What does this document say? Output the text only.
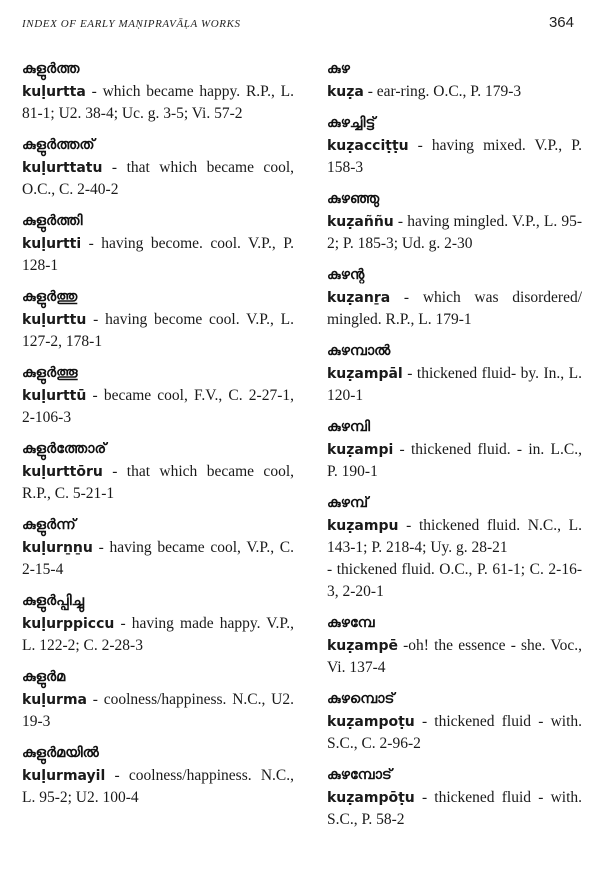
INDEX OF EARLY MAṆIPRAVĀḶA WORKS	364
കുളുർത്ത
kuḷurtta - which became happy. R.P., L. 81-1; U2. 38-4; Uc. g. 3-5; Vi. 57-2
കുളുർത്തത്
kuḷurttatu - that which became cool, O.C., C. 2-40-2
കുളുർത്തി
kuḷurtti - having become. cool. V.P., P. 128-1
കുളുർത്തു
kuḷurttu - having become cool. V.P., L. 127-2, 178-1
കുളുർത്തൂ
kuḷurttū - became cool, F.V., C. 2-27-1, 2-106-3
കുളുർത്തോര്
kuḷurttōru - that which became cool, R.P., C. 5-21-1
കുളുർന്ന്
kuḷurṉṉu - having became cool, V.P., C. 2-15-4
കുളുർപ്പിച്ചു
kuḷurppiccu - having made happy. V.P., L. 122-2; C. 2-28-3
കുളുർമ
kuḷurma - coolness/happiness. N.C., U2. 19-3
കുളുർമയിൽ
kuḷurmayil - coolness/happiness. N.C., L. 95-2; U2. 100-4
കുഴ
kuẓa - ear-ring. O.C., P. 179-3
കുഴച്ചിട്ട്
kuẓacciṭṭu - having mixed. V.P., P. 158-3
കുഴഞ്ഞു
kuẓaññu - having mingled. V.P., L. 95-2; P. 185-3; Ud. g. 2-30
കുഴന്റ
kuẓanṟa - which was disordered/ mingled. R.P., L. 179-1
കുഴമ്പാൽ
kuẓampāl - thickened fluid- by. In., L. 120-1
കുഴമ്പി
kuẓampi - thickened fluid. - in. L.C., P. 190-1
കുഴമ്പ്
kuẓampu - thickened fluid. N.C., L. 143-1; P. 218-4; Uy. g. 28-21
- thickened fluid. O.C., P. 61-1; C. 2-16-3, 2-20-1
കുഴമ്പേ
kuẓampē -oh! the essence - she. Voc., Vi. 137-4
കുഴമ്പൊട്
kuẓampoṭu - thickened fluid - with. S.C., C. 2-96-2
കുഴമ്പോട്
kuẓampōṭu - thickened fluid - with. S.C., P. 58-2
